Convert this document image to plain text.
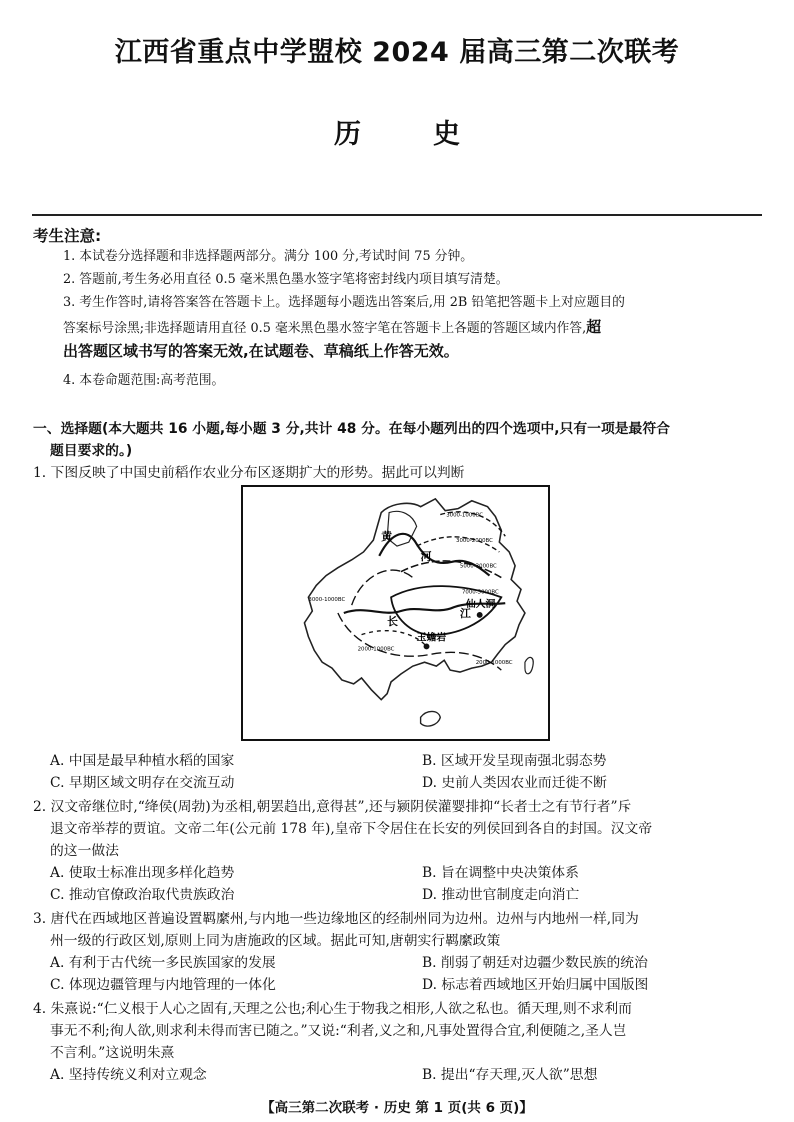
江西省重点中学盟校 2024 届高三第二次联考
历	史
考生注意:
1. 本试卷分选择题和非选择题两部分。满分 100 分,考试时间 75 分钟。
2. 答题前,考生务必用直径 0.5 毫米黑色墨水签字笔将密封线内项目填写清楚。
3. 考生作答时,请将答案答在答题卡上。选择题每小题选出答案后,用 2B 铅笔把答题卡上对应题目的
答案标号涂黑;非选择题请用直径 0.5 毫米黑色墨水签字笔在答题卡上各题的答题区域内作答,超
出答题区域书写的答案无效,在试题卷、草稿纸上作答无效。
4. 本卷命题范围:高考范围。
一、选择题(本大题共 16 小题,每小题 3 分,共计 48 分。在每小题列出的四个选项中,只有一项是最符合
题目要求的。)
1. 下图反映了中国史前稻作农业分布区逐期扩大的形势。据此可以判断
黄
河
长
江
仙人洞
玉蟾岩
3000-1000BC
3000-2000BC
5000-3000BC
7000-5000BC
2000-1000BC
3000-1000BC
2000-1000BC
A. 中国是最早种植水稻的国家	B. 区域开发呈现南强北弱态势
C. 早期区域文明存在交流互动	D. 史前人类因农业而迁徙不断
2. 汉文帝继位时,“绛侯(周勃)为丞相,朝罢趋出,意得甚”,还与颍阴侯灌婴排抑“长者士之有节行者”斥
退文帝举荐的贾谊。文帝二年(公元前 178 年),皇帝下令居住在长安的列侯回到各自的封国。汉文帝
的这一做法
A. 使取士标准出现多样化趋势	B. 旨在调整中央决策体系
C. 推动官僚政治取代贵族政治	D. 推动世官制度走向消亡
3. 唐代在西域地区普遍设置羁縻州,与内地一些边缘地区的经制州同为边州。边州与内地州一样,同为
州一级的行政区划,原则上同为唐施政的区域。据此可知,唐朝实行羁縻政策
A. 有利于古代统一多民族国家的发展	B. 削弱了朝廷对边疆少数民族的统治
C. 体现边疆管理与内地管理的一体化	D. 标志着西域地区开始归属中国版图
4. 朱熹说:“仁义根于人心之固有,天理之公也;利心生于物我之相形,人欲之私也。循天理,则不求利而
事无不利;徇人欲,则求利未得而害已随之。”又说:“利者,义之和,凡事处置得合宜,利便随之,圣人岂
不言利。”这说明朱熹
A. 坚持传统义利对立观念	B. 提出“存天理,灭人欲”思想
【高三第二次联考 · 历史 第 1 页(共 6 页)】
